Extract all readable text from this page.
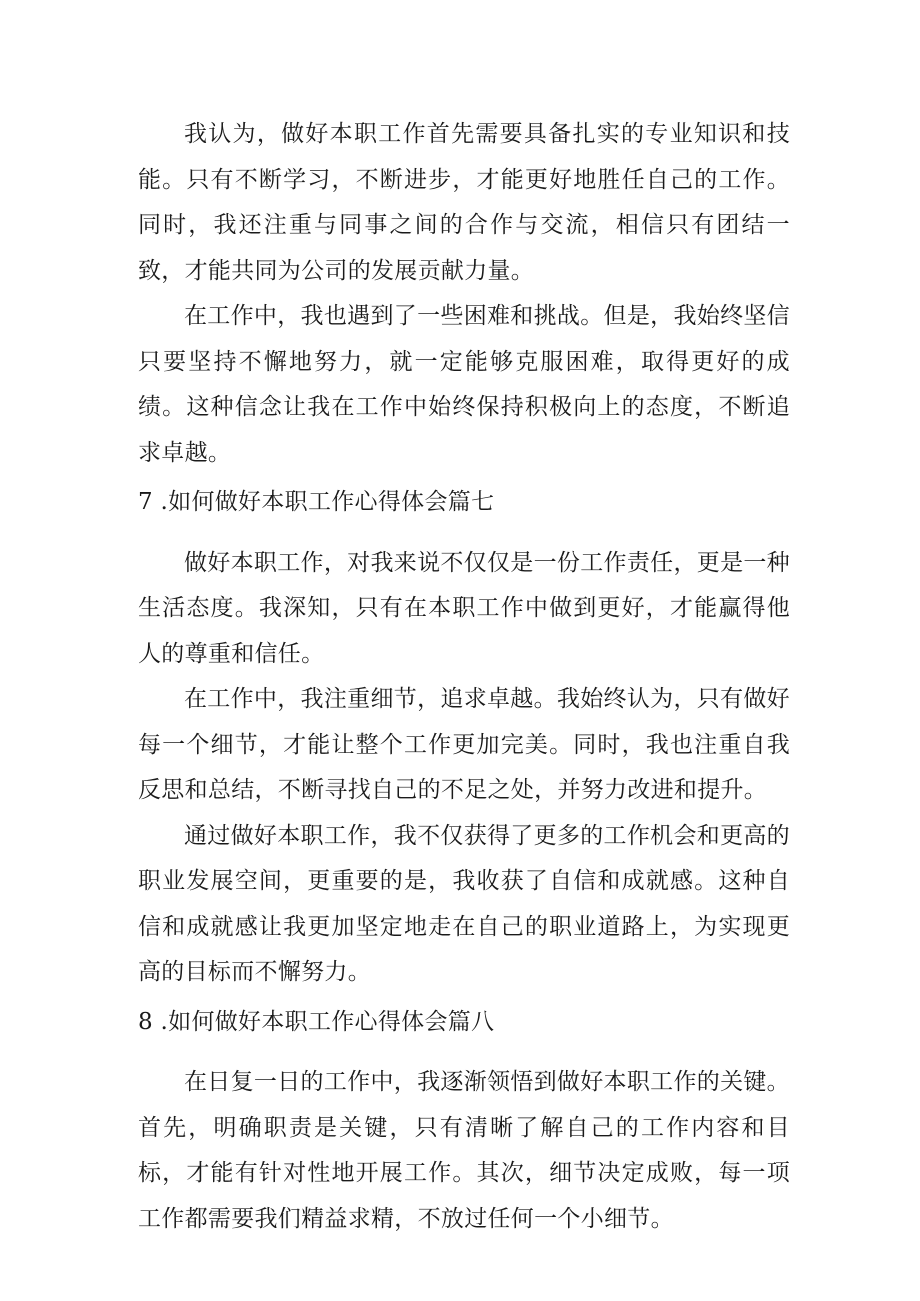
我认为，做好本职工作首先需要具备扎实的专业知识和技能。只有不断学习，不断进步，才能更好地胜任自己的工作。同时，我还注重与同事之间的合作与交流，相信只有团结一致，才能共同为公司的发展贡献力量。

在工作中，我也遇到了一些困难和挑战。但是，我始终坚信只要坚持不懈地努力，就一定能够克服困难，取得更好的成绩。这种信念让我在工作中始终保持积极向上的态度，不断追求卓越。

7 .如何做好本职工作心得体会篇七

做好本职工作，对我来说不仅仅是一份工作责任，更是一种生活态度。我深知，只有在本职工作中做到更好，才能赢得他人的尊重和信任。

在工作中，我注重细节，追求卓越。我始终认为，只有做好每一个细节，才能让整个工作更加完美。同时，我也注重自我反思和总结，不断寻找自己的不足之处，并努力改进和提升。

通过做好本职工作，我不仅获得了更多的工作机会和更高的职业发展空间，更重要的是，我收获了自信和成就感。这种自信和成就感让我更加坚定地走在自己的职业道路上，为实现更高的目标而不懈努力。

8 .如何做好本职工作心得体会篇八

在日复一日的工作中，我逐渐领悟到做好本职工作的关键。首先，明确职责是关键，只有清晰了解自己的工作内容和目标，才能有针对性地开展工作。其次，细节决定成败，每一项工作都需要我们精益求精，不放过任何一个小细节。
